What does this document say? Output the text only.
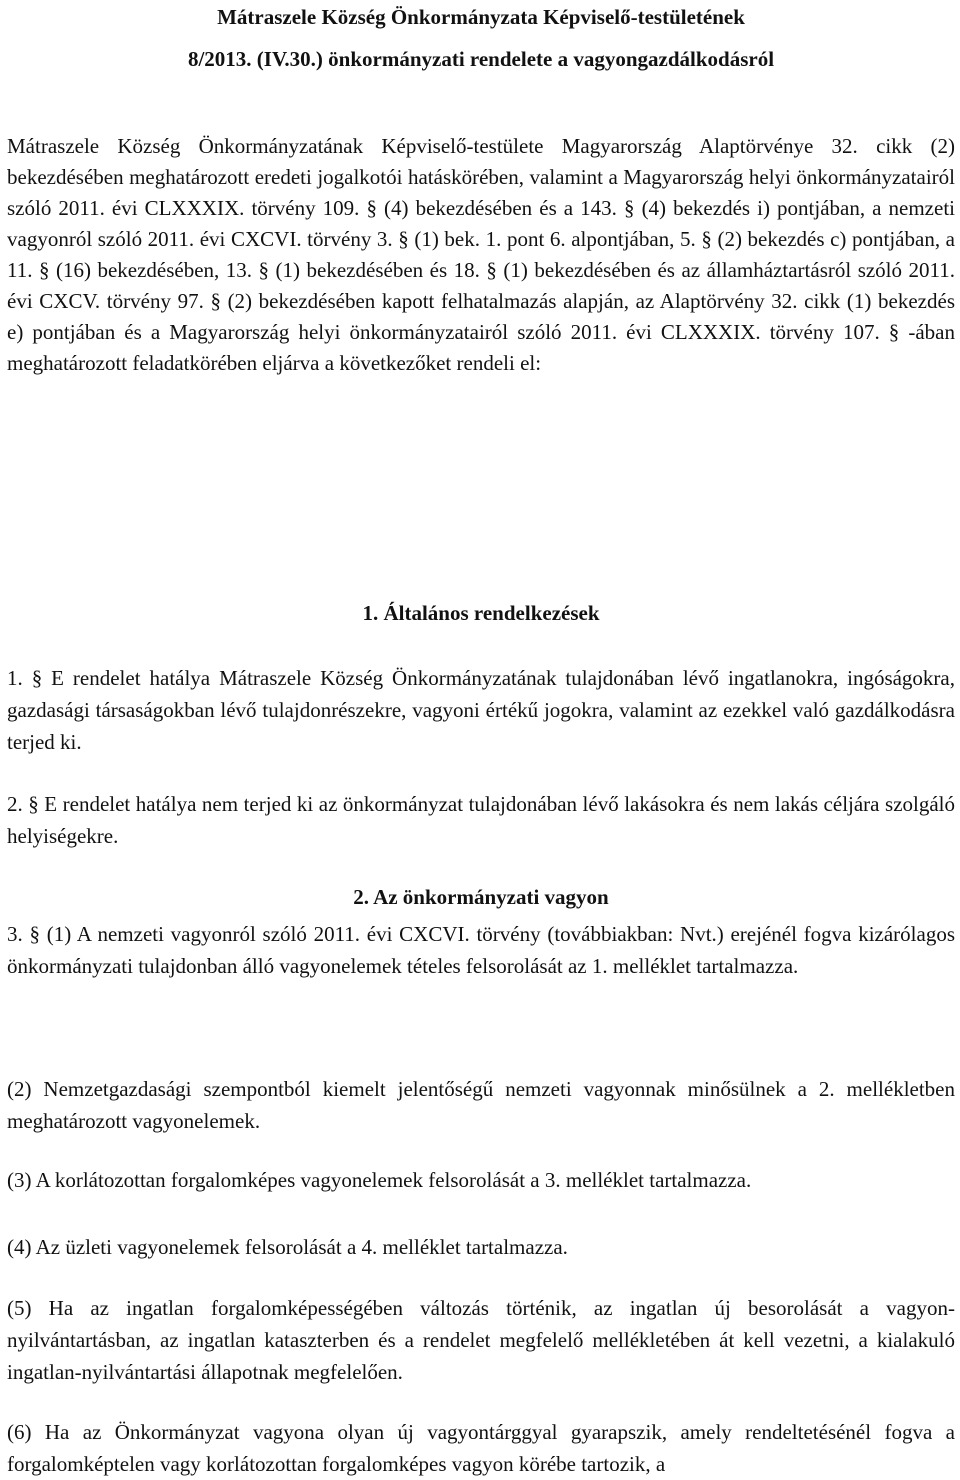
Mátraszele Község Önkormányzata Képviselő-testületének
8/2013. (IV.30.) önkormányzati rendelete a vagyongazdálkodásról
Mátraszele Község Önkormányzatának Képviselő-testülete Magyarország Alaptörvénye 32. cikk (2) bekezdésében meghatározott eredeti jogalkotói hatáskörében, valamint a Magyarország helyi önkormányzatairól szóló 2011. évi CLXXXIX. törvény 109. § (4) bekezdésében és a 143. § (4) bekezdés i) pontjában, a nemzeti vagyonról szóló 2011. évi CXCVI. törvény 3. § (1) bek. 1. pont 6. alpontjában, 5. § (2) bekezdés c) pontjában, a 11. § (16) bekezdésében, 13. § (1) bekezdésében és 18. § (1) bekezdésében és az államháztartásról szóló 2011. évi CXCV. törvény 97. § (2) bekezdésében kapott felhatalmazás alapján, az Alaptörvény 32. cikk (1) bekezdés e) pontjában és a Magyarország helyi önkormányzatairól szóló 2011. évi CLXXXIX. törvény 107. § -ában meghatározott feladatkörében eljárva a következőket rendeli el:
1. Általános rendelkezések
1. § E rendelet hatálya Mátraszele Község Önkormányzatának tulajdonában lévő ingatlanokra, ingóságokra, gazdasági társaságokban lévő tulajdonrészekre, vagyoni értékű jogokra, valamint az ezekkel való gazdálkodásra terjed ki.
2. § E rendelet hatálya nem terjed ki az önkormányzat tulajdonában lévő lakásokra és nem lakás céljára szolgáló helyiségekre.
2. Az önkormányzati vagyon
3. § (1) A nemzeti vagyonról szóló 2011. évi CXCVI. törvény (továbbiakban: Nvt.) erejénél fogva kizárólagos önkormányzati tulajdonban álló vagyonelemek tételes felsorolását az 1. melléklet tartalmazza.
(2) Nemzetgazdasági szempontból kiemelt jelentőségű nemzeti vagyonnak minősülnek a 2. mellékletben meghatározott vagyonelemek.
(3) A korlátozottan forgalomképes vagyonelemek felsorolását a 3. melléklet tartalmazza.
(4) Az üzleti vagyonelemek felsorolását a 4. melléklet tartalmazza.
(5) Ha az ingatlan forgalomképességében változás történik, az ingatlan új besorolását a vagyon-nyilvántartásban, az ingatlan kataszterben és a rendelet megfelelő mellékletében át kell vezetni, a kialakuló ingatlan-nyilvántartási állapotnak megfelelően.
(6) Ha az Önkormányzat vagyona olyan új vagyontárggyal gyarapszik, amely rendeltetésénél fogva a forgalomképtelen vagy korlátozottan forgalomképes vagyon körébe tartozik, a
